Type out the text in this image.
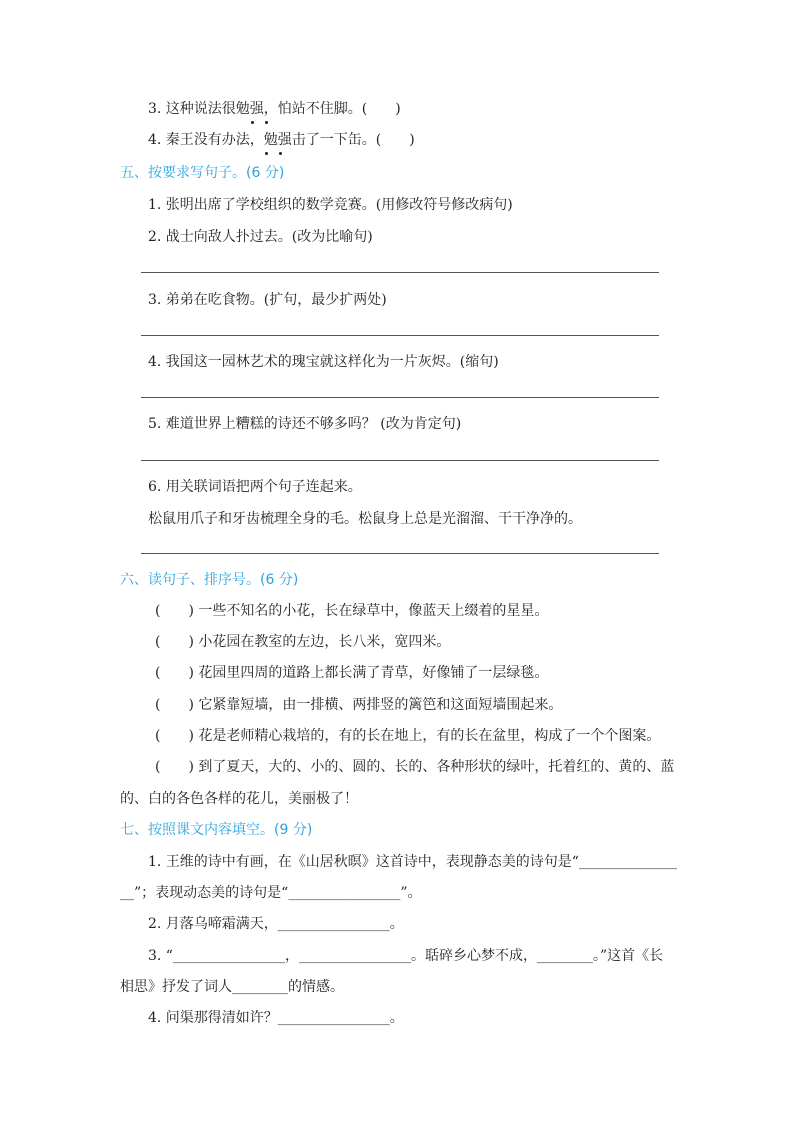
3. 这种说法很勉强，怕站不住脚。(　　)
4. 秦王没有办法，勉强击了一下缶。(　　)
五、按要求写句子。(6 分)
1. 张明出席了学校组织的数学竞赛。(用修改符号修改病句)
2. 战士向敌人扑过去。(改为比喻句)
3. 弟弟在吃食物。(扩句，最少扩两处)
4. 我国这一园林艺术的瑰宝就这样化为一片灰烬。(缩句)
5. 难道世界上糟糕的诗还不够多吗？ (改为肯定句)
6. 用关联词语把两个句子连起来。
松鼠用爪子和牙齿梳理全身的毛。松鼠身上总是光溜溜、干干净净的。
六、读句子、排序号。(6 分)
(　　) 一些不知名的小花，长在绿草中，像蓝天上缀着的星星。
(　　) 小花园在教室的左边，长八米，宽四米。
(　　) 花园里四周的道路上都长满了青草，好像铺了一层绿毯。
(　　) 它紧靠短墙，由一排横、两排竖的篱笆和这面短墙围起来。
(　　) 花是老师精心栽培的，有的长在地上，有的长在盆里，构成了一个个图案。
(　　) 到了夏天，大的、小的、圆的、长的、各种形状的绿叶，托着红的、黄的、蓝
的、白的各色各样的花儿，美丽极了！
七、按照课文内容填空。(9 分)
1. 王维的诗中有画，在《山居秋暝》这首诗中，表现静态美的诗句是“______________
__”；表现动态美的诗句是“________________”。
2. 月落乌啼霜满天，________________。
3. “________________，________________。聒碎乡心梦不成，________。”这首《长
相思》抒发了词人________的情感。
4. 问渠那得清如许？________________。
